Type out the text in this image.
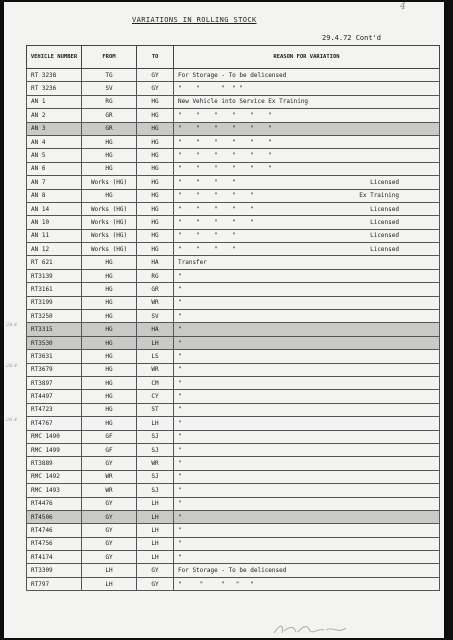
4
VARIATIONS IN ROLLING STOCK
29.4.72 Cont'd
24.4
28.4
26.4
VEHICLE NUMBER	FROM	TO	REASON FOR VARIATION
RT 3238	TG	GY	For Storage - To be delicensed

RT 3236	SV	GY	"    "      "  " "

AN 1	RG	HG	New Vehicle into Service Ex Training

AN 2	GR	HG	"    "    "    "    "    "

AN 3	GR	HG	"    "    "    "    "    "

AN 4	HG	HG	"    "    "    "    "    "

AN 5	HG	HG	"    "    "    "    "    "

AN 6	HG	HG	"    "    "    "    "    "

AN 7	Works (HG)	HG	"    "    "    " Licensed

AN 8	HG	HG	"    "    "    "    " Ex Training

AN 14	Works (HG)	HG	"    "    "    "    " Licensed

AN 10	Works (HG)	HG	"    "    "    "    " Licensed

AN 11	Works (HG)	HG	"    "    "    " Licensed

AN 12	Works (HG)	HG	"    "    "    " Licensed

RT 621	HG	HA	Transfer

RT3139	HG	RG	"

RT3161	HG	GR	"

RT3199	HG	WR	"

RT3250	HG	SV	"

RT3315	HG	HA	"

RT3530	HG	LH	"

RT3631	HG	LS	"

RT3679	HG	WR	"

RT3897	HG	CM	"

RT4497	HG	CY	"

RT4723	HG	ST	"

RT4767	HG	LH	"

RMC 1490	GF	SJ	"

RMC 1499	GF	SJ	"

RT3889	GY	WR	"

RMC 1492	WR	SJ	"

RMC 1493	WR	SJ	"

RT4476	GY	LH	"

RT4506	GY	LH	"

RT4746	GY	LH	"

RT4756	GY	LH	"

RT4174	GY	LH	"

RT3309	LH	GY	For Storage - To be delicensed

RT797	LH	GY	"     "     "   "   "
